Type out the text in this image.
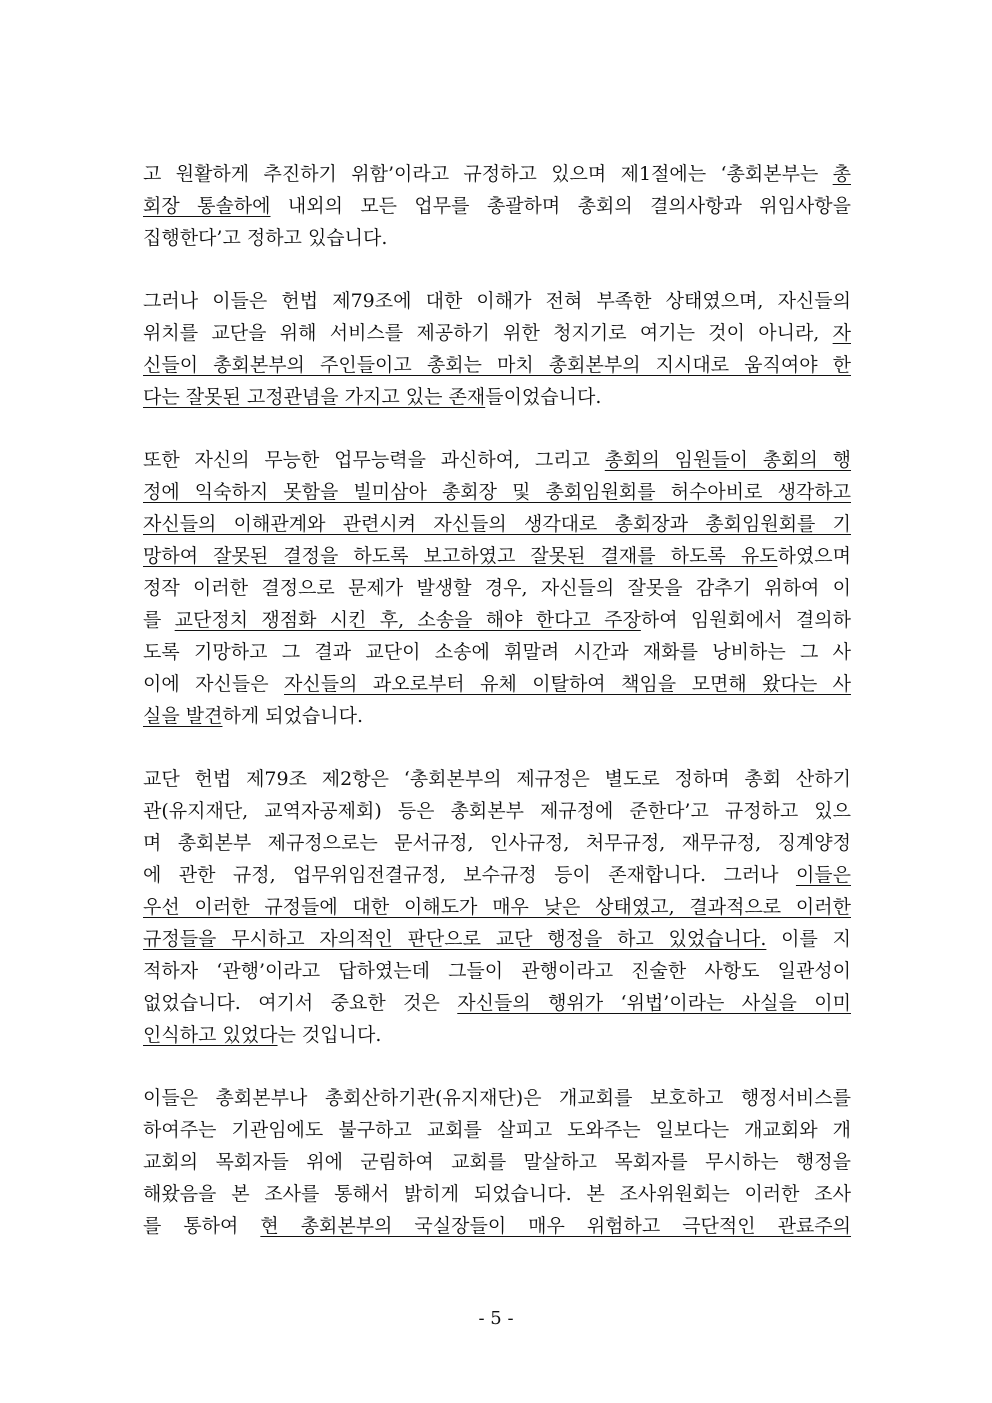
고 원활하게 추진하기 위함’이라고 규정하고 있으며 제1절에는 ‘총회본부는 총
회장 통솔하에 내외의 모든 업무를 총괄하며 총회의 결의사항과 위임사항을
집행한다’고 정하고 있습니다.
그러나 이들은 헌법 제79조에 대한 이해가 전혀 부족한 상태였으며, 자신들의
위치를 교단을 위해 서비스를 제공하기 위한 청지기로 여기는 것이 아니라, 자
신들이 총회본부의 주인들이고 총회는 마치 총회본부의 지시대로 움직여야 한
다는 잘못된 고정관념을 가지고 있는 존재들이었습니다.
또한 자신의 무능한 업무능력을 과신하여, 그리고 총회의 임원들이 총회의 행
정에 익숙하지 못함을 빌미삼아 총회장 및 총회임원회를 허수아비로 생각하고
자신들의 이해관계와 관련시켜 자신들의 생각대로 총회장과 총회임원회를 기
망하여 잘못된 결정을 하도록 보고하였고 잘못된 결재를 하도록 유도하였으며
정작 이러한 결정으로 문제가 발생할 경우, 자신들의 잘못을 감추기 위하여 이
를 교단정치 쟁점화 시킨 후, 소송을 해야 한다고 주장하여 임원회에서 결의하
도록 기망하고 그 결과 교단이 소송에 휘말려 시간과 재화를 낭비하는 그 사
이에 자신들은 자신들의 과오로부터 유체 이탈하여 책임을 모면해 왔다는 사
실을 발견하게 되었습니다.
교단 헌법 제79조 제2항은 ‘총회본부의 제규정은 별도로 정하며 총회 산하기
관(유지재단, 교역자공제회) 등은 총회본부 제규정에 준한다’고 규정하고 있으
며 총회본부 제규정으로는 문서규정, 인사규정, 처무규정, 재무규정, 징계양정
에 관한 규정, 업무위임전결규정, 보수규정 등이 존재합니다. 그러나 이들은
우선 이러한 규정들에 대한 이해도가 매우 낮은 상태였고, 결과적으로 이러한
규정들을 무시하고 자의적인 판단으로 교단 행정을 하고 있었습니다. 이를 지
적하자 ‘관행’이라고 답하였는데 그들이 관행이라고 진술한 사항도 일관성이
없었습니다. 여기서 중요한 것은 자신들의 행위가 ‘위법’이라는 사실을 이미
인식하고 있었다는 것입니다.
이들은 총회본부나 총회산하기관(유지재단)은 개교회를 보호하고 행정서비스를
하여주는 기관임에도 불구하고 교회를 살피고 도와주는 일보다는 개교회와 개
교회의 목회자들 위에 군림하여 교회를 말살하고 목회자를 무시하는 행정을
해왔음을 본 조사를 통해서 밝히게 되었습니다. 본 조사위원회는 이러한 조사
를 통하여 현 총회본부의 국실장들이 매우 위험하고 극단적인 관료주의
- 5 -
